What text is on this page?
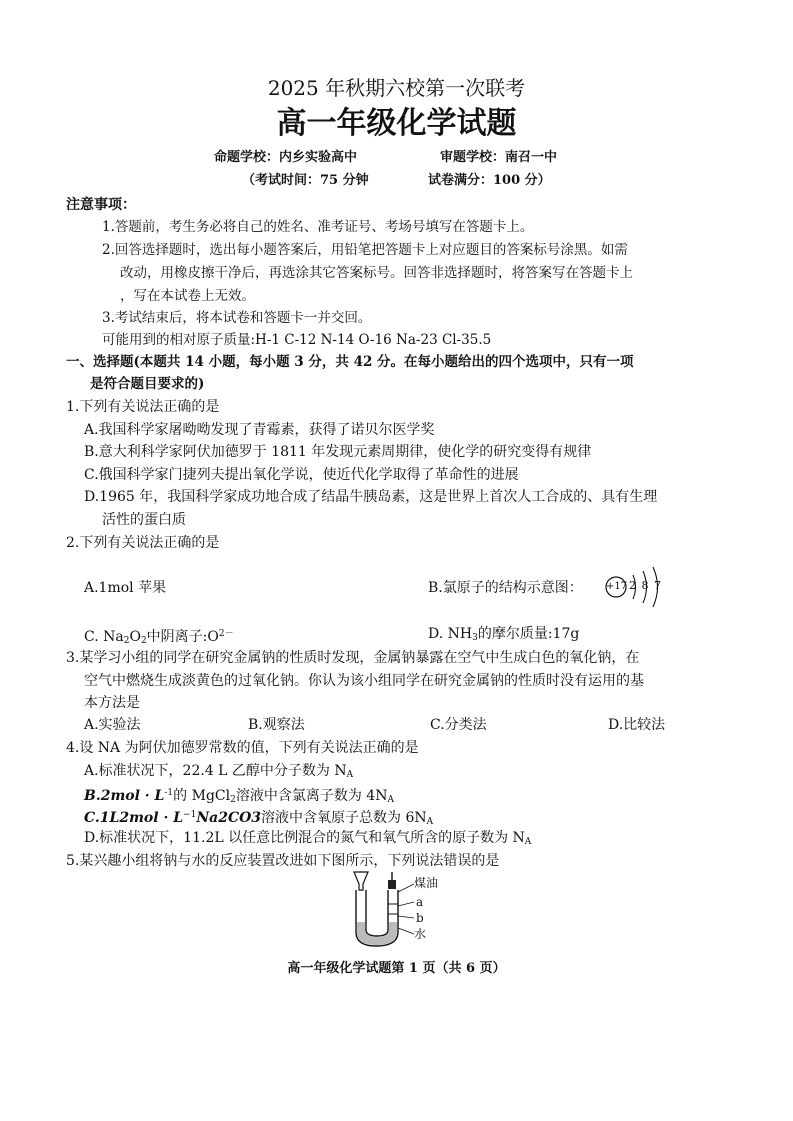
2025 年秋期六校第一次联考
高一年级化学试题
命题学校：内乡实验高中	审题学校：南召一中
（考试时间：75 分钟	试卷满分：100 分）
注意事项：
1.答题前，考生务必将自己的姓名、准考证号、考场号填写在答题卡上。
2.回答选择题时，选出每小题答案后，用铅笔把答题卡上对应题目的答案标号涂黑。如需
改动，用橡皮擦干净后，再选涂其它答案标号。回答非选择题时，将答案写在答题卡上
，写在本试卷上无效。
3.考试结束后，将本试卷和答题卡一并交回。
可能用到的相对原子质量:H-1 C-12 N-14 O-16 Na-23 Cl-35.5
一、选择题(本题共 14 小题，每小题 3 分，共 42 分。在每小题给出的四个选项中，只有一项
是符合题目要求的)
1.下列有关说法正确的是
A.我国科学家屠呦呦发现了青霉素，获得了诺贝尔医学奖
B.意大利科学家阿伏加德罗于 1811 年发现元素周期律，使化学的研究变得有规律
C.俄国科学家门捷列夫提出氧化学说，使近代化学取得了革命性的进展
D.1965 年，我国科学家成功地合成了结晶牛胰岛素，这是世界上首次人工合成的、具有生理
活性的蛋白质
2.下列有关说法正确的是
A.1mol 苹果	B.氯原子的结构示意图： +17 2 8 7
C. $Na_2O_2$中阴离子$:O^{2-}$	D. $NH_3$的摩尔质量:17g
3.某学习小组的同学在研究金属钠的性质时发现，金属钠暴露在空气中生成白色的氧化钠，在
空气中燃烧生成淡黄色的过氧化钠。你认为该小组同学在研究金属钠的性质时没有运用的基
本方法是
A.实验法	B.观察法	C.分类法	D.比较法
4.设 NA 为阿伏加德罗常数的值，下列有关说法正确的是
A.标准状况下，22.4 L 乙醇中分子数为 $N_A$
$B.2mol \cdot L^{-1}$的 MgCl$_2$溶液中含氯离子数为 $4N_A$
$C.1L2mol \cdot L^{-1}Na2CO3$溶液中含氧原子总数为 $6N_A$
D.标准状况下，11.2L 以任意比例混合的氮气和氧气所含的原子数为 $N_A$
5.某兴趣小组将钠与水的反应装置改进如下图所示，下列说法错误的是
煤油
a
b
水
高一年级化学试题第 1 页（共 6 页）
